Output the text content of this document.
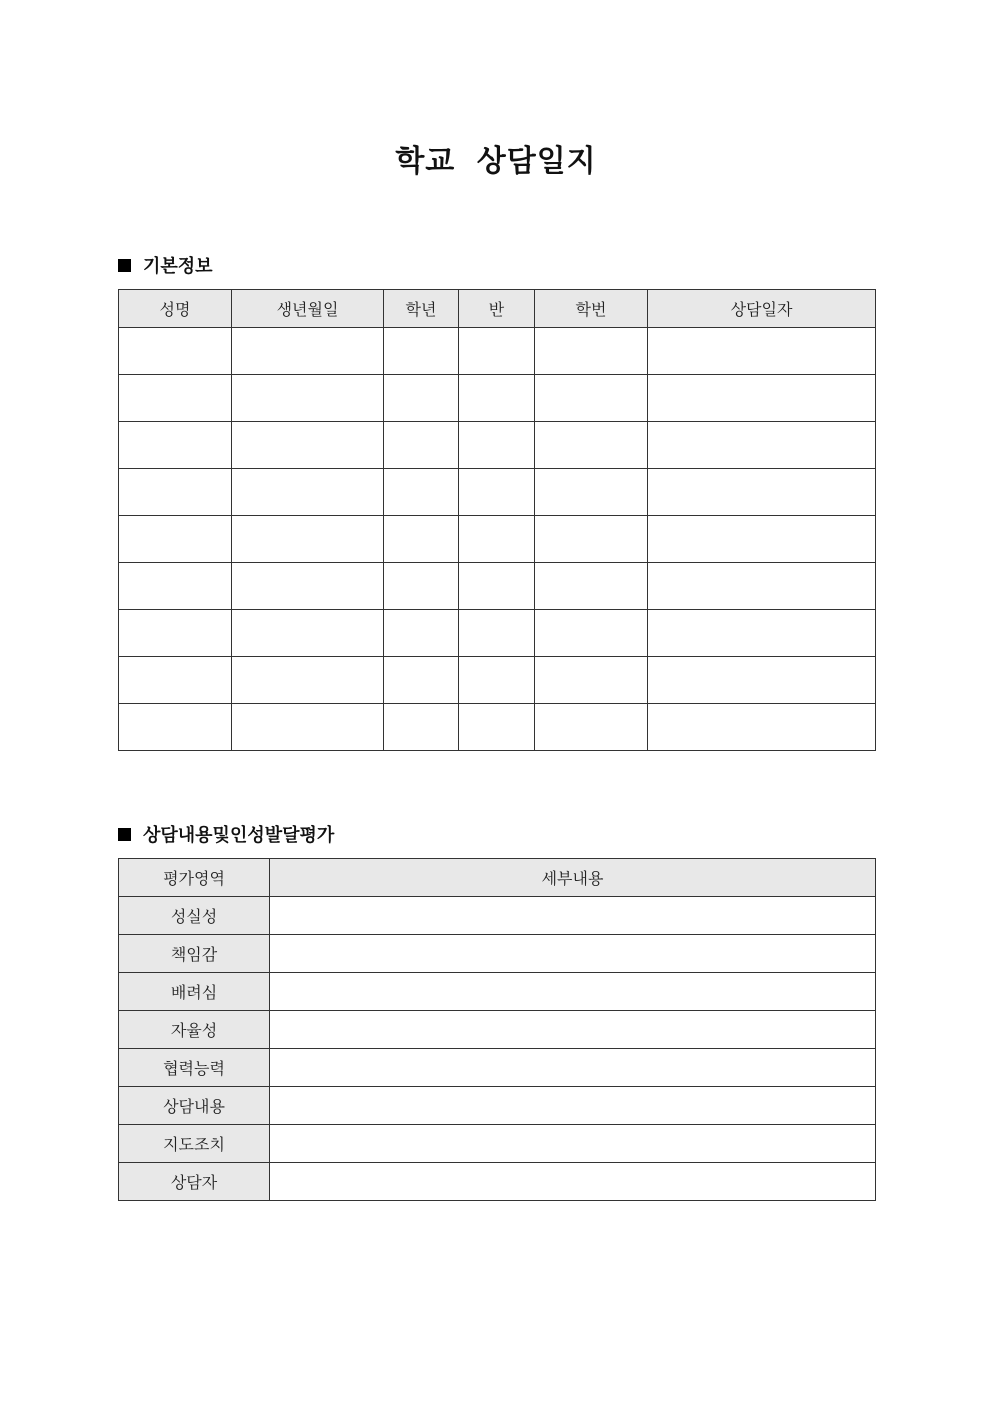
학교 상담일지
기본정보
성명	생년월일	학년	반	학번	상담일자

상담내용및인성발달평가
평가영역	세부내용
성실성	
책임감	
배려심	
자율성	
협력능력	
상담내용	
지도조치	
상담자	
